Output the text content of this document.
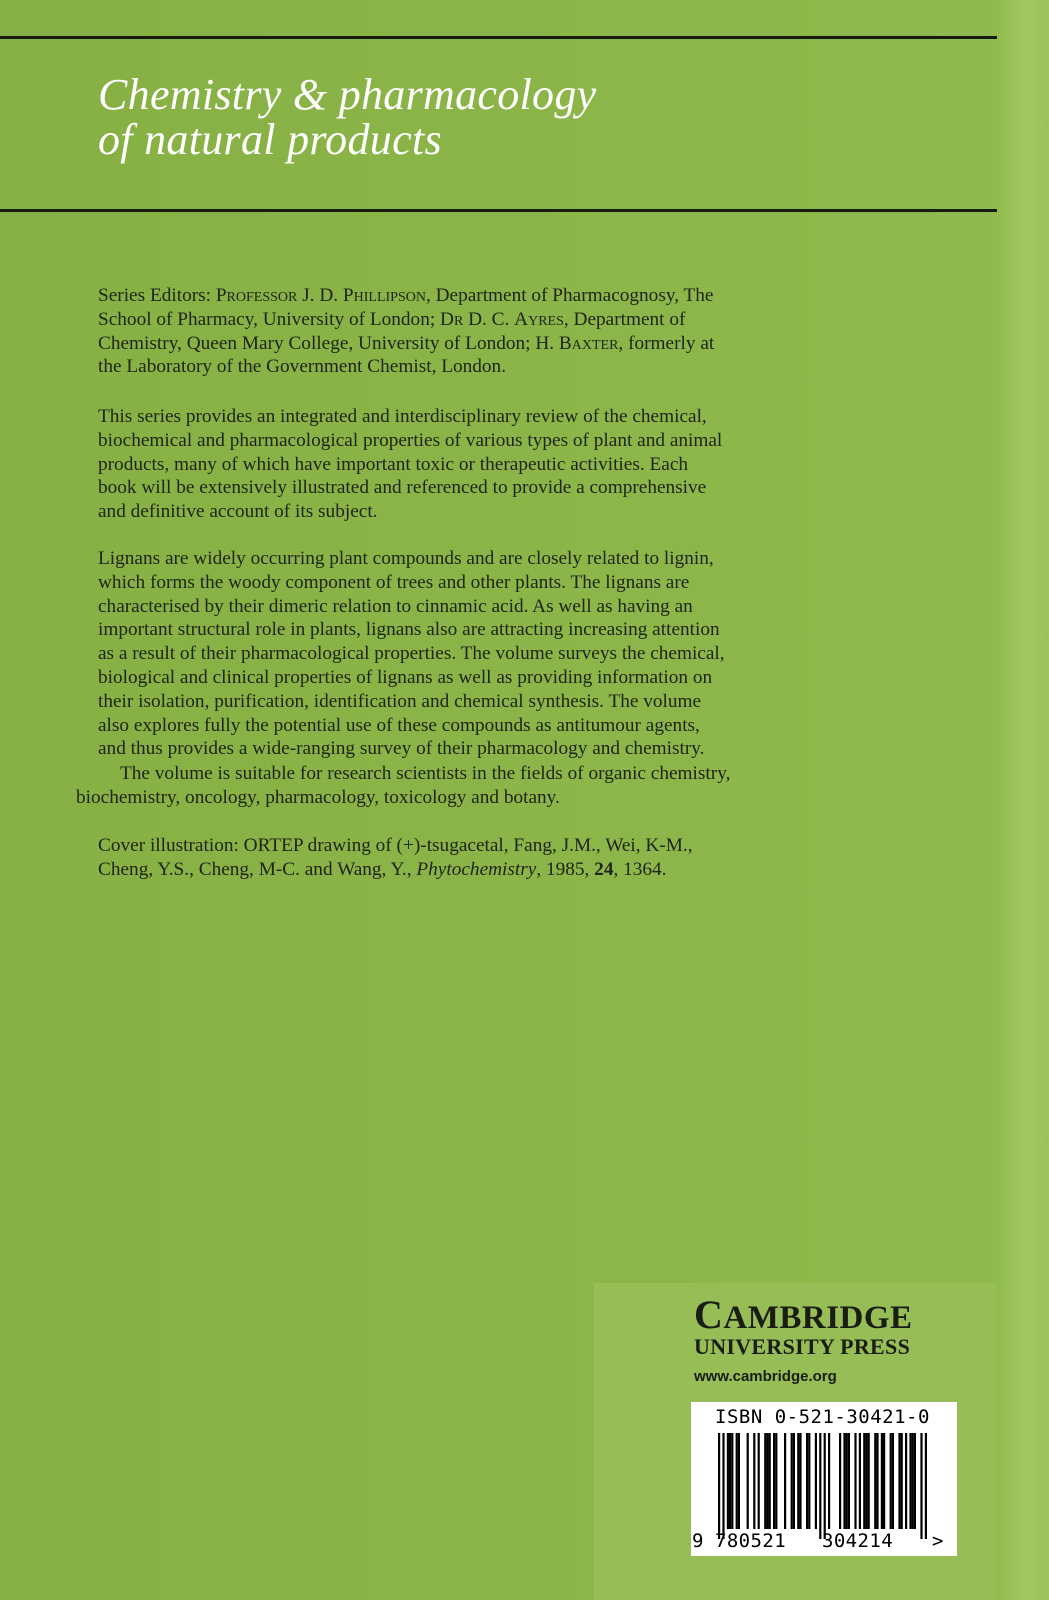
Chemistry & pharmacology
of natural products

Series Editors: Professor J. D. Phillipson, Department of Pharmacognosy, The
School of Pharmacy, University of London; Dr D. C. Ayres, Department of
Chemistry, Queen Mary College, University of London; H. Baxter, formerly at
the Laboratory of the Government Chemist, London.

This series provides an integrated and interdisciplinary review of the chemical,
biochemical and pharmacological properties of various types of plant and animal
products, many of which have important toxic or therapeutic activities. Each
book will be extensively illustrated and referenced to provide a comprehensive
and definitive account of its subject.

Lignans are widely occurring plant compounds and are closely related to lignin,
which forms the woody component of trees and other plants. The lignans are
characterised by their dimeric relation to cinnamic acid. As well as having an
important structural role in plants, lignans also are attracting increasing attention
as a result of their pharmacological properties. The volume surveys the chemical,
biological and clinical properties of lignans as well as providing information on
their isolation, purification, identification and chemical synthesis. The volume
also explores fully the potential use of these compounds as antitumour agents,
and thus provides a wide-ranging survey of their pharmacology and chemistry.

The volume is suitable for research scientists in the fields of organic chemistry,
biochemistry, oncology, pharmacology, toxicology and botany.

Cover illustration: ORTEP drawing of (+)-tsugacetal, Fang, J.M., Wei, K-M.,
Cheng, Y.S., Cheng, M-C. and Wang, Y., Phytochemistry, 1985, 24, 1364.

CAMBRIDGE
UNIVERSITY PRESS
www.cambridge.org
ISBN 0-521-30421-0
9 780521 304214 >
